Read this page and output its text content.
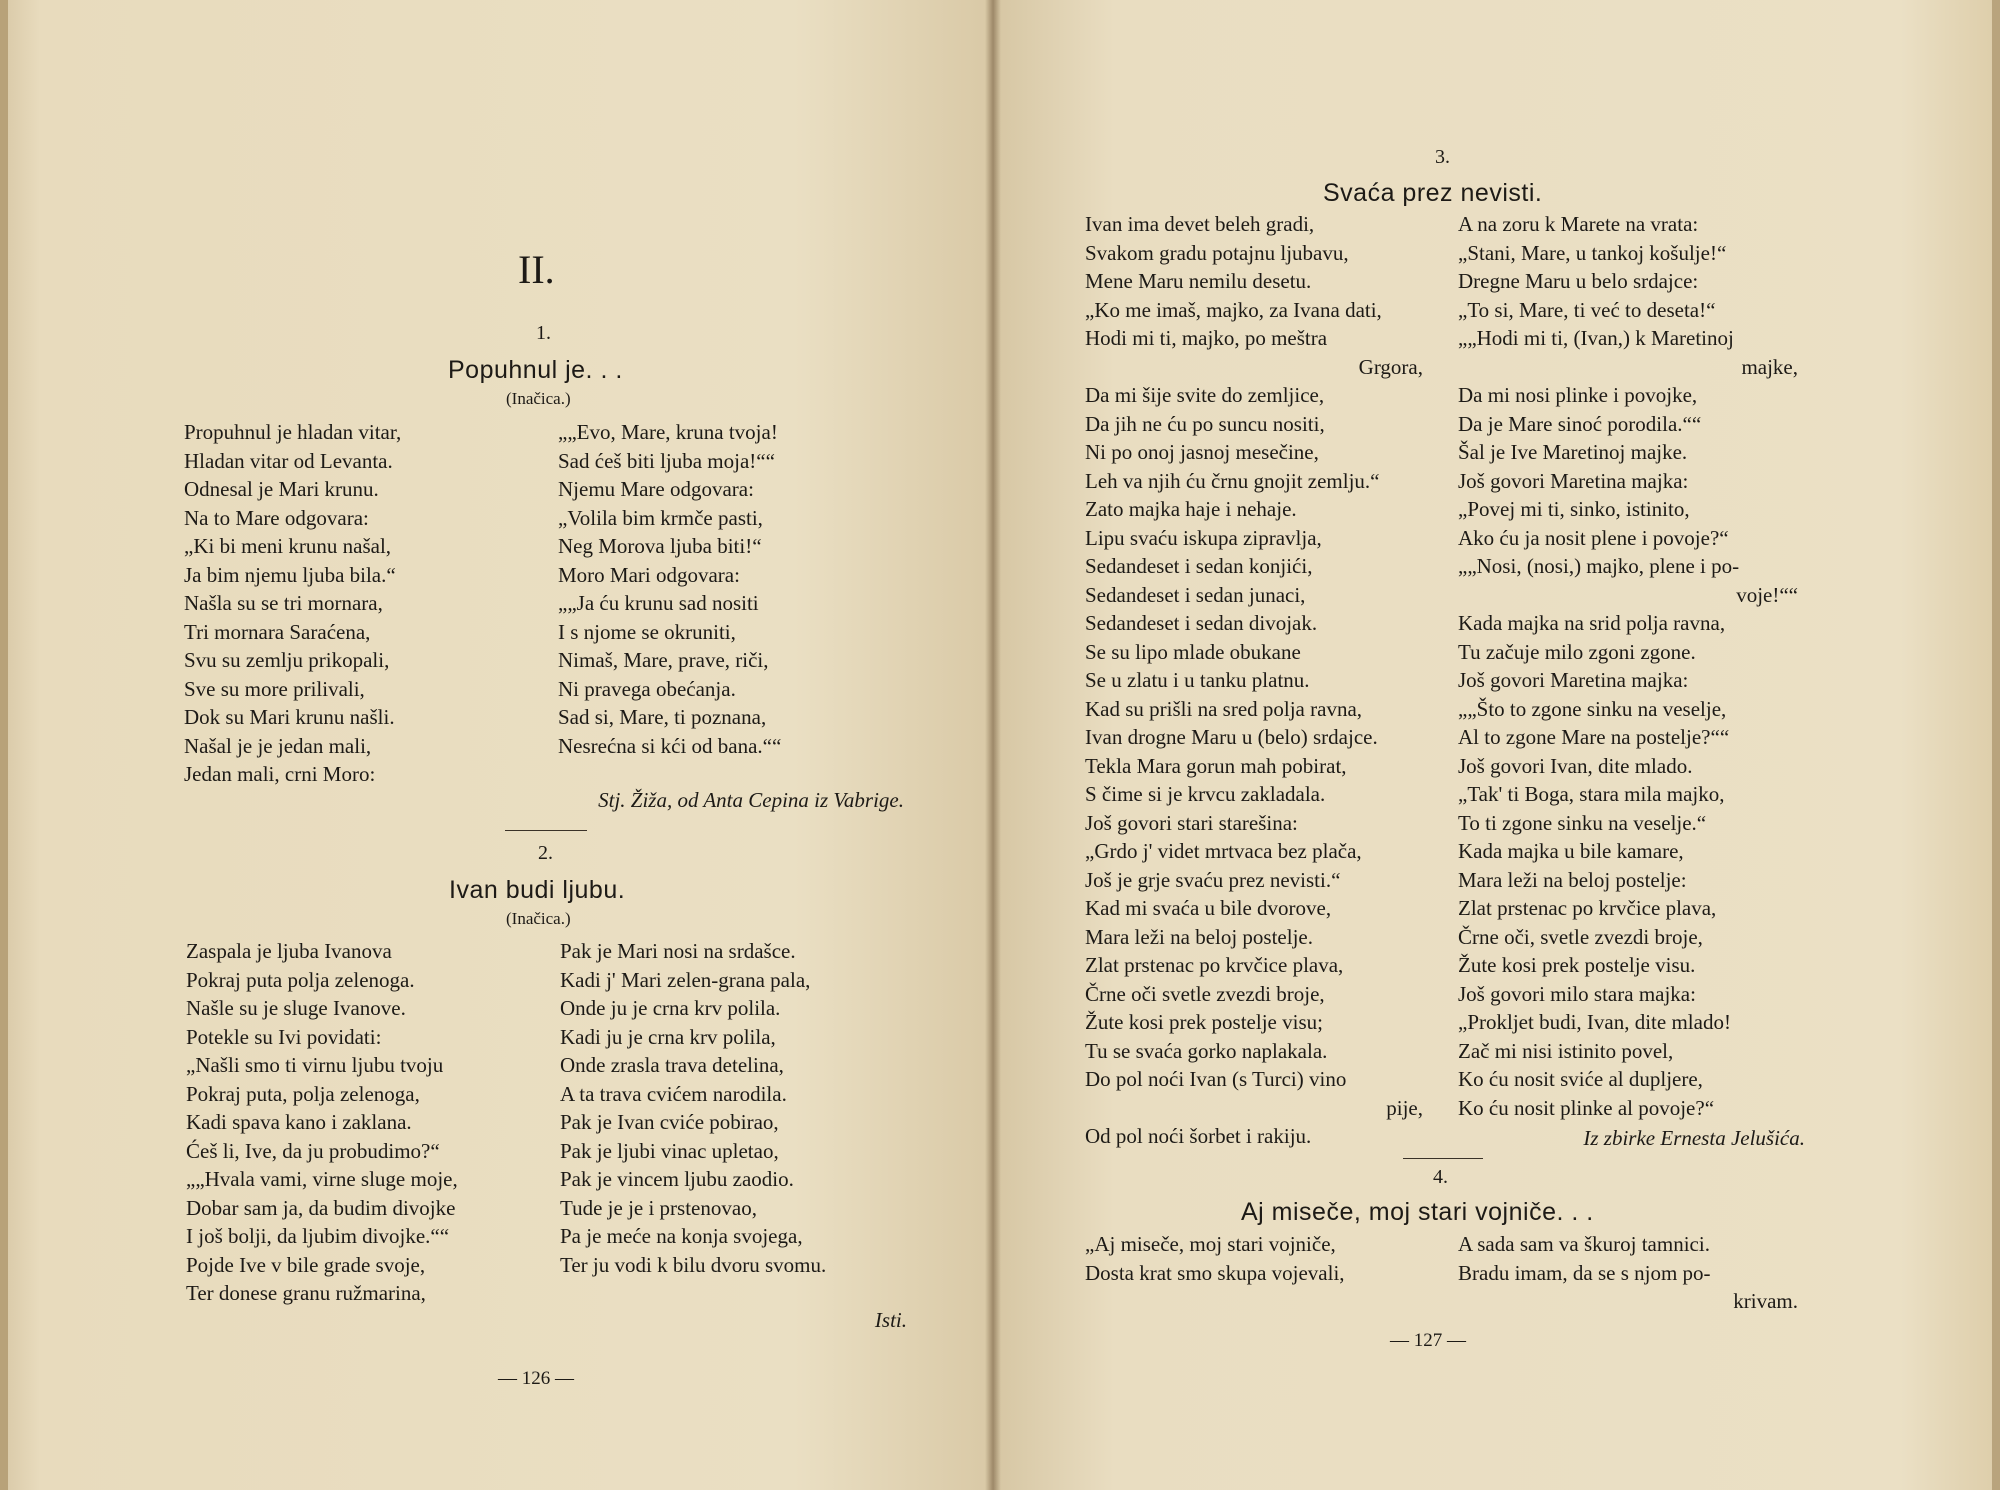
II.
1.
Popuhnul je. . .
(Inačica.)
Propuhnul je hladan vitar,
Hladan vitar od Levanta.
Odnesal je Mari krunu.
Na to Mare odgovara:
„Ki bi meni krunu našal,
Ja bim njemu ljuba bila.“
Našla su se tri mornara,
Tri mornara Saraćena,
Svu su zemlju prikopali,
Sve su more prilivali,
Dok su Mari krunu našli.
Našal je je jedan mali,
Jedan mali, crni Moro:
„„Evo, Mare, kruna tvoja!
Sad ćeš biti ljuba moja!““
Njemu Mare odgovara:
„Volila bim krmče pasti,
Neg Morova ljuba biti!“
Moro Mari odgovara:
„„Ja ću krunu sad nositi
I s njome se okruniti,
Nimaš, Mare, prave, riči,
Ni pravega obećanja.
Sad si, Mare, ti poznana,
Nesrećna si kći od bana.““
Stj. Žiža, od Anta Cepina iz Vabrige.
2.
Ivan budi ljubu.
(Inačica.)
Zaspala je ljuba Ivanova
Pokraj puta polja zelenoga.
Našle su je sluge Ivanove.
Potekle su Ivi povidati:
„Našli smo ti virnu ljubu tvoju
Pokraj puta, polja zelenoga,
Kadi spava kano i zaklana.
Ćeš li, Ive, da ju probudimo?“
„„Hvala vami, virne sluge moje,
Dobar sam ja, da budim divojke
I još bolji, da ljubim divojke.““
Pojde Ive v bile grade svoje,
Ter donese granu ružmarina,
Pak je Mari nosi na srdašce.
Kadi j' Mari zelen-grana pala,
Onde ju je crna krv polila.
Kadi ju je crna krv polila,
Onde zrasla trava detelina,
A ta trava cvićem narodila.
Pak je Ivan cviće pobirao,
Pak je ljubi vinac upletao,
Pak je vincem ljubu zaodio.
Tude je je i prstenovao,
Pa je meće na konja svojega,
Ter ju vodi k bilu dvoru svomu.
Isti.
— 126 —
3.
Svaća prez nevisti.
Ivan ima devet beleh gradi,
Svakom gradu potajnu ljubavu,
Mene Maru nemilu desetu.
„Ko me imaš, majko, za Ivana dati,
Hodi mi ti, majko, po meštra
Grgora,
Da mi šije svite do zemljice,
Da jih ne ću po suncu nositi,
Ni po onoj jasnoj mesečine,
Leh va njih ću črnu gnojit zemlju.“
Zato majka haje i nehaje.
Lipu svaću iskupa zipravlja,
Sedandeset i sedan konjići,
Sedandeset i sedan junaci,
Sedandeset i sedan divojak.
Se su lipo mlade obukane
Se u zlatu i u tanku platnu.
Kad su prišli na sred polja ravna,
Ivan drogne Maru u (belo) srdajce.
Tekla Mara gorun mah pobirat,
S čime si je krvcu zakladala.
Još govori stari starešina:
„Grdo j' videt mrtvaca bez plača,
Još je grje svaću prez nevisti.“
Kad mi svaća u bile dvorove,
Mara leži na beloj postelje.
Zlat prstenac po krvčice plava,
Črne oči svetle zvezdi broje,
Žute kosi prek postelje visu;
Tu se svaća gorko naplakala.
Do pol noći Ivan (s Turci) vino
pije,
Od pol noći šorbet i rakiju.
A na zoru k Marete na vrata:
„Stani, Mare, u tankoj košulje!“
Dregne Maru u belo srdajce:
„To si, Mare, ti već to deseta!“
„„Hodi mi ti, (Ivan,) k Maretinoj
majke,
Da mi nosi plinke i povojke,
Da je Mare sinoć porodila.““
Šal je Ive Maretinoj majke.
Još govori Maretina majka:
„Povej mi ti, sinko, istinito,
Ako ću ja nosit plene i povoje?“
„„Nosi, (nosi,) majko, plene i po-
voje!““
Kada majka na srid polja ravna,
Tu začuje milo zgoni zgone.
Još govori Maretina majka:
„„Što to zgone sinku na veselje,
Al to zgone Mare na postelje?““
Još govori Ivan, dite mlado.
„Tak' ti Boga, stara mila majko,
To ti zgone sinku na veselje.“
Kada majka u bile kamare,
Mara leži na beloj postelje:
Zlat prstenac po krvčice plava,
Črne oči, svetle zvezdi broje,
Žute kosi prek postelje visu.
Još govori milo stara majka:
„Prokljet budi, Ivan, dite mlado!
Zač mi nisi istinito povel,
Ko ću nosit sviće al dupljere,
Ko ću nosit plinke al povoje?“
Iz zbirke Ernesta Jelušića.
4.
Aj miseče, moj stari vojniče. . .
„Aj miseče, moj stari vojniče,
Dosta krat smo skupa vojevali,
A sada sam va škuroj tamnici.
Bradu imam, da se s njom po-
krivam.
— 127 —
